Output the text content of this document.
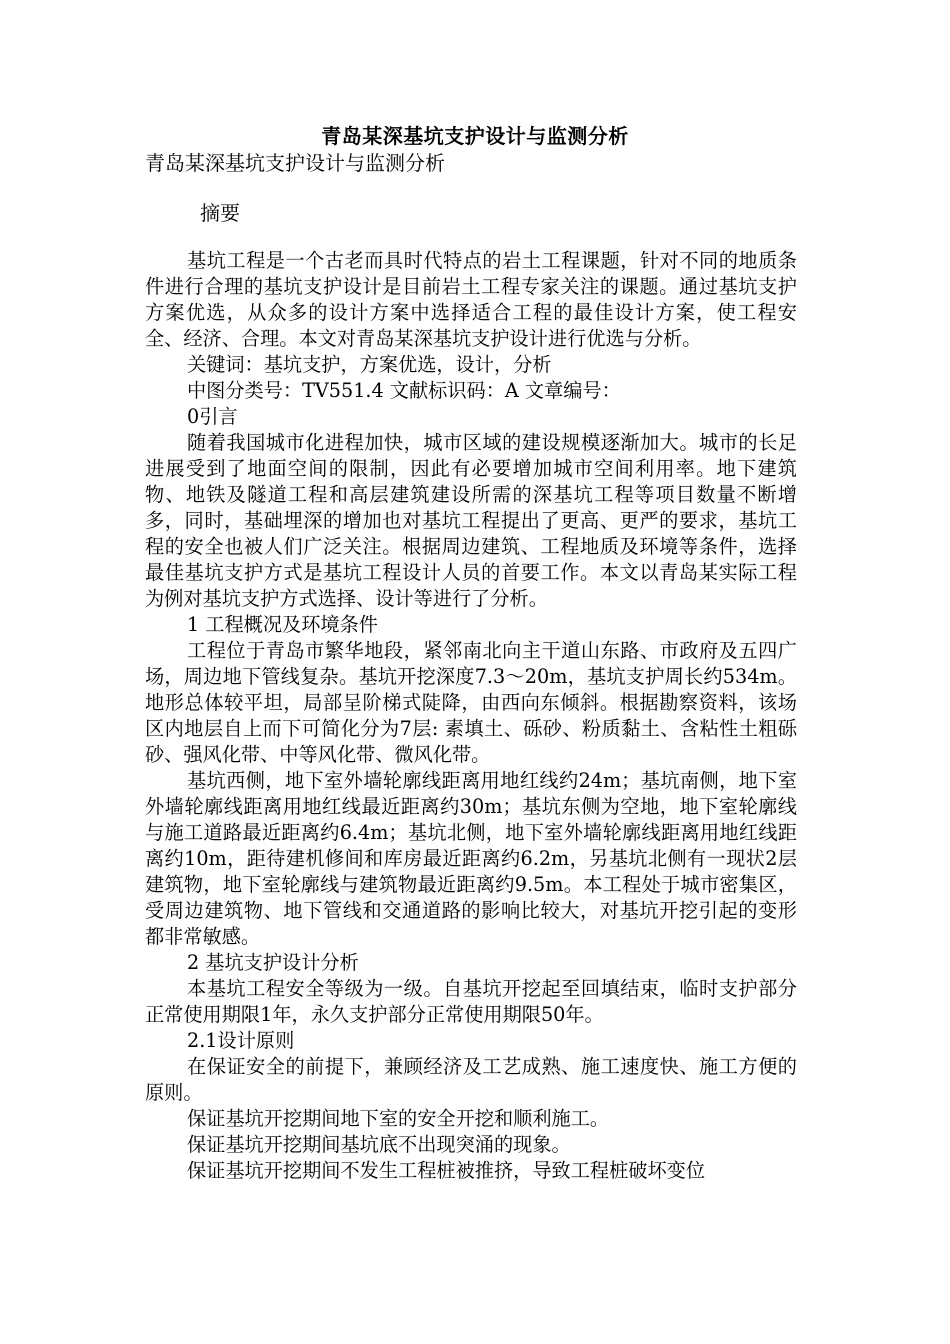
青岛某深基坑支护设计与监测分析
青岛某深基坑支护设计与监测分析
摘要

基坑工程是一个古老而具时代特点的岩土工程课题，针对不同的地质条件进行合理的基坑支护设计是目前岩土工程专家关注的课题。通过基坑支护方案优选，从众多的设计方案中选择适合工程的最佳设计方案，使工程安全、经济、合理。本文对青岛某深基坑支护设计进行优选与分析。

关键词：基坑支护，方案优选，设计，分析

中图分类号：TV551.4 文献标识码：A 文章编号：

0引言

随着我国城市化进程加快，城市区域的建设规模逐渐加大。城市的长足进展受到了地面空间的限制，因此有必要增加城市空间利用率。地下建筑物、地铁及隧道工程和高层建筑建设所需的深基坑工程等项目数量不断增多，同时，基础埋深的增加也对基坑工程提出了更高、更严的要求，基坑工程的安全也被人们广泛关注。根据周边建筑、工程地质及环境等条件，选择最佳基坑支护方式是基坑工程设计人员的首要工作。本文以青岛某实际工程为例对基坑支护方式选择、设计等进行了分析。

1 工程概况及环境条件

工程位于青岛市繁华地段，紧邻南北向主干道山东路、市政府及五四广场，周边地下管线复杂。基坑开挖深度7.3～20m，基坑支护周长约534m。地形总体较平坦，局部呈阶梯式陡降，由西向东倾斜。根据勘察资料，该场区内地层自上而下可简化分为7层: 素填土、砾砂、粉质黏土、含粘性土粗砾砂、强风化带、中等风化带、微风化带。

基坑西侧，地下室外墙轮廓线距离用地红线约24m；基坑南侧，地下室外墙轮廓线距离用地红线最近距离约30m；基坑东侧为空地，地下室轮廓线与施工道路最近距离约6.4m；基坑北侧，地下室外墙轮廓线距离用地红线距离约10m，距待建机修间和库房最近距离约6.2m，另基坑北侧有一现状2层建筑物，地下室轮廓线与建筑物最近距离约9.5m。本工程处于城市密集区，受周边建筑物、地下管线和交通道路的影响比较大，对基坑开挖引起的变形都非常敏感。

2 基坑支护设计分析

本基坑工程安全等级为一级。自基坑开挖起至回填结束，临时支护部分正常使用期限1年，永久支护部分正常使用期限50年。

2.1设计原则

在保证安全的前提下，兼顾经济及工艺成熟、施工速度快、施工方便的原则。

保证基坑开挖期间地下室的安全开挖和顺利施工。

保证基坑开挖期间基坑底不出现突涌的现象。

保证基坑开挖期间不发生工程桩被推挤，导致工程桩破坏变位
